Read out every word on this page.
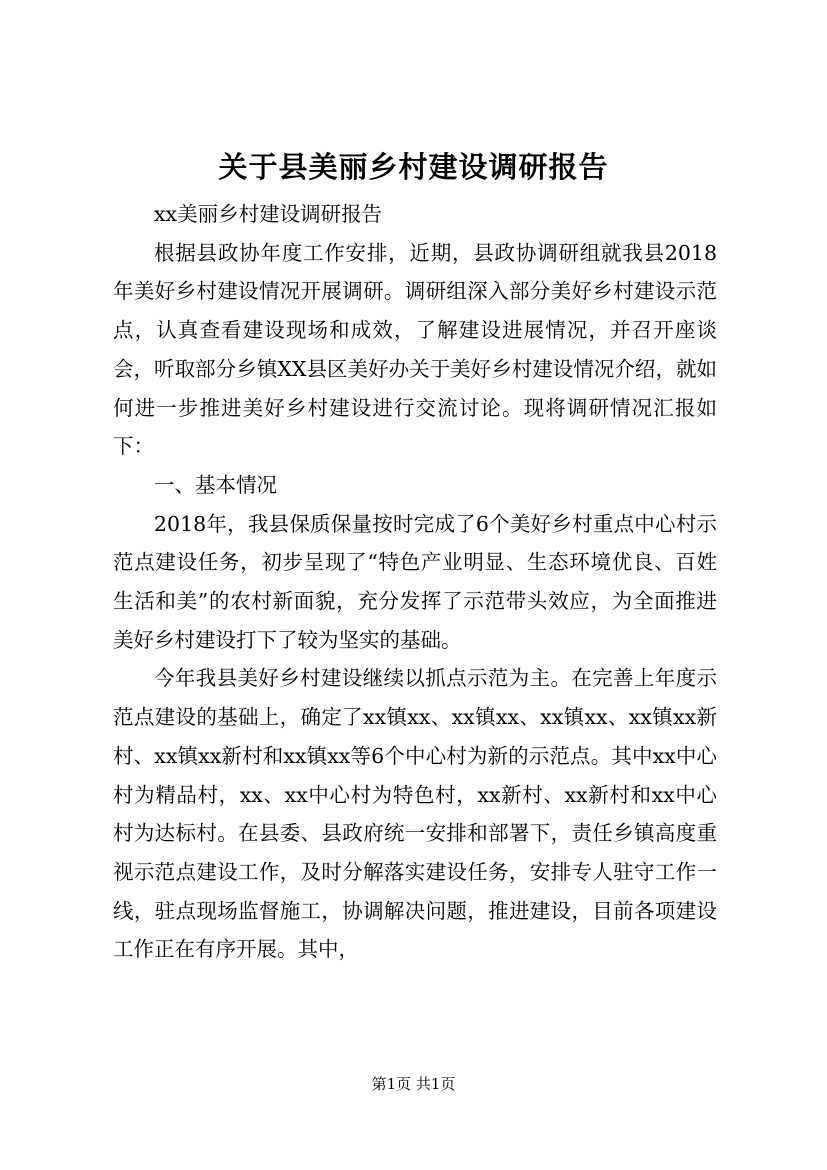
关于县美丽乡村建设调研报告

xx美丽乡村建设调研报告

根据县政协年度工作安排，近期，县政协调研组就我县2018年美好乡村建设情况开展调研。调研组深入部分美好乡村建设示范点，认真查看建设现场和成效，了解建设进展情况，并召开座谈会，听取部分乡镇XX县区美好办关于美好乡村建设情况介绍，就如何进一步推进美好乡村建设进行交流讨论。现将调研情况汇报如下：

一、基本情况

2018年，我县保质保量按时完成了6个美好乡村重点中心村示范点建设任务，初步呈现了“特色产业明显、生态环境优良、百姓生活和美”的农村新面貌，充分发挥了示范带头效应，为全面推进美好乡村建设打下了较为坚实的基础。

今年我县美好乡村建设继续以抓点示范为主。在完善上年度示范点建设的基础上，确定了xx镇xx、xx镇xx、xx镇xx、xx镇xx新村、xx镇xx新村和xx镇xx等6个中心村为新的示范点。其中xx中心村为精品村，xx、xx中心村为特色村，xx新村、xx新村和xx中心村为达标村。在县委、县政府统一安排和部署下，责任乡镇高度重视示范点建设工作，及时分解落实建设任务，安排专人驻守工作一线，驻点现场监督施工，协调解决问题，推进建设，目前各项建设工作正在有序开展。其中，

第1页 共1页
